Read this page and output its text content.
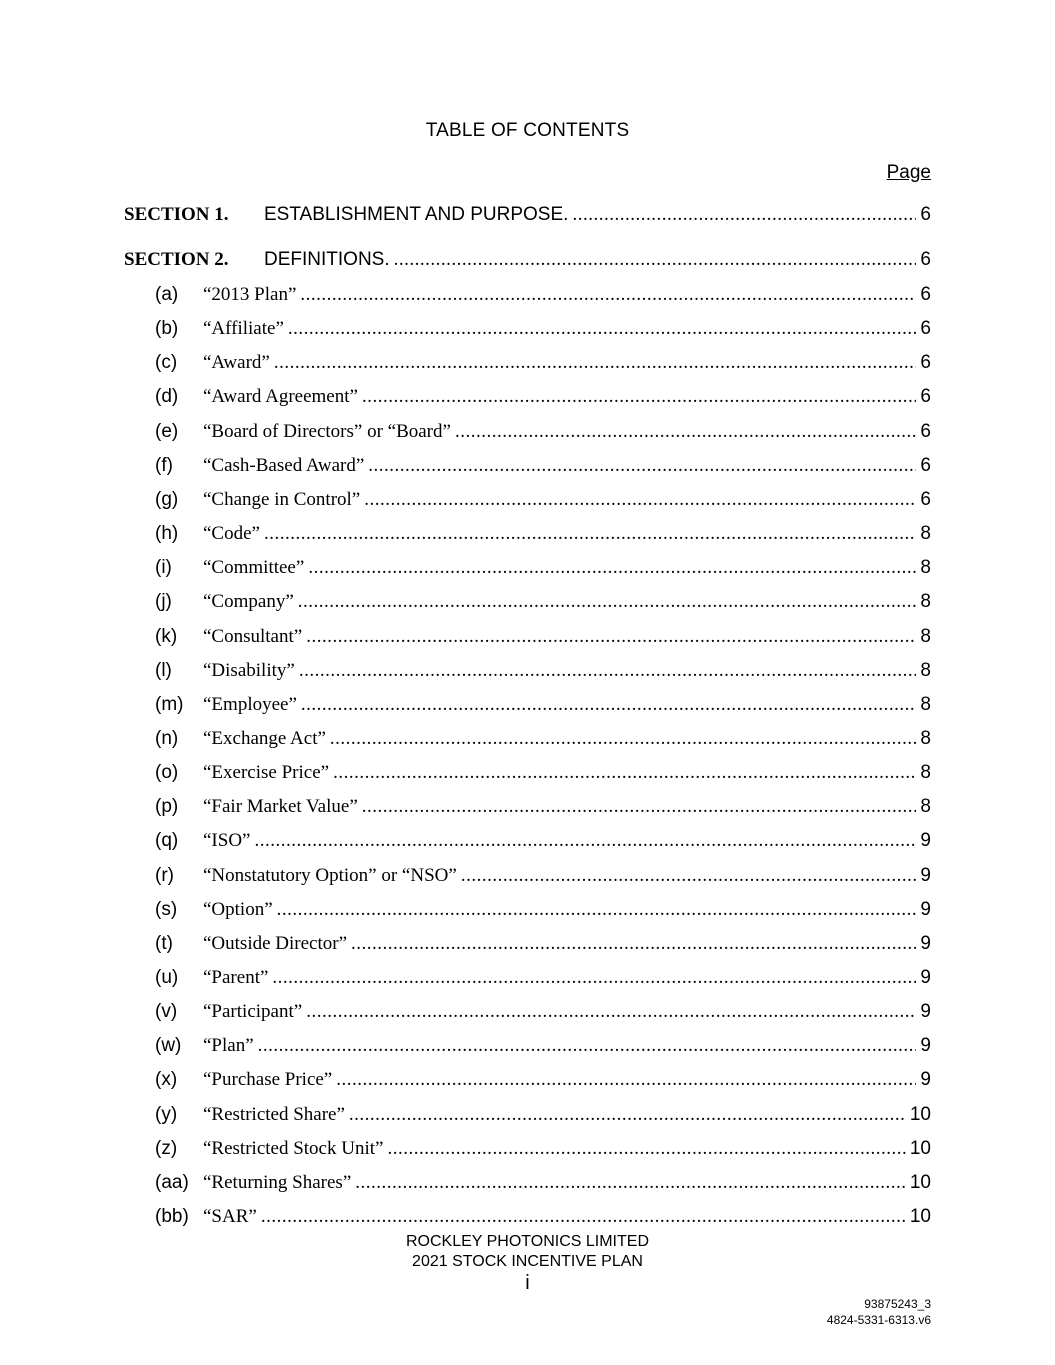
TABLE OF CONTENTS
Page
SECTION 1.	ESTABLISHMENT AND PURPOSE. .....	6
SECTION 2.	DEFINITIONS. .....	6
(a)	“2013 Plan” .....	6
(b)	“Affiliate” .....	6
(c)	“Award” .....	6
(d)	“Award Agreement” .....	6
(e)	“Board of Directors” or “Board” .....	6
(f)	“Cash-Based Award” .....	6
(g)	“Change in Control” .....	6
(h)	“Code” .....	8
(i)	“Committee” .....	8
(j)	“Company” .....	8
(k)	“Consultant” .....	8
(l)	“Disability” .....	8
(m)	“Employee” .....	8
(n)	“Exchange Act” .....	8
(o)	“Exercise Price” .....	8
(p)	“Fair Market Value” .....	8
(q)	“ISO” .....	9
(r)	“Nonstatutory Option” or “NSO” .....	9
(s)	“Option” .....	9
(t)	“Outside Director” .....	9
(u)	“Parent” .....	9
(v)	“Participant” .....	9
(w)	“Plan” .....	9
(x)	“Purchase Price” .....	9
(y)	“Restricted Share” .....	10
(z)	“Restricted Stock Unit” .....	10
(aa) “Returning Shares” .....	10
(bb) “SAR” .....	10
ROCKLEY PHOTONICS LIMITED
2021 STOCK INCENTIVE PLAN
i
93875243_3
4824-5331-6313.v6
